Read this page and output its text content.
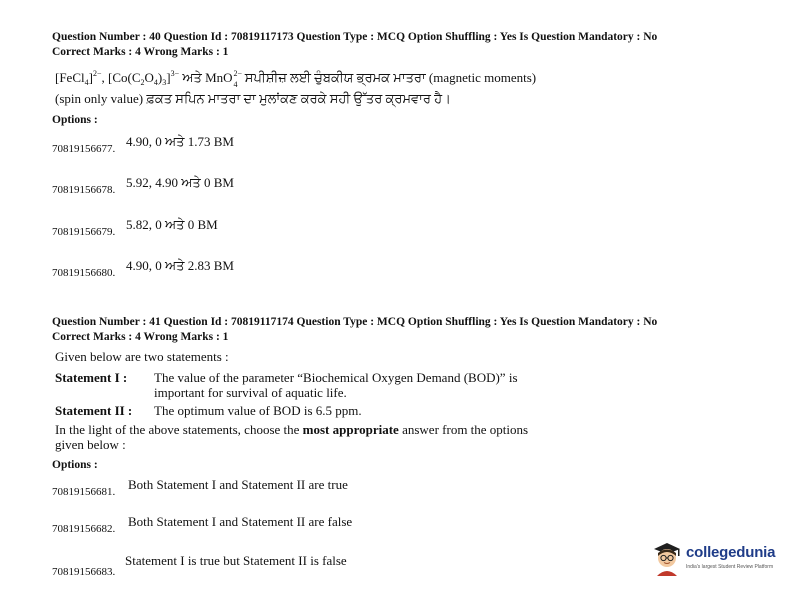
Question Number : 40 Question Id : 70819117173 Question Type : MCQ Option Shuffling : Yes Is Question Mandatory : No
Correct Marks : 4 Wrong Marks : 1
[FeCl$_4$]$^{2-}$, $[Co(C_2O_4)_3]^{3-}$ ਅਤੇ MnO 2−
4 ਸਪੀਸ਼ੀਜ਼ ਲਈ ਚੁੰਬਕੀਯ ਭ੍ਰਮਕ ਮਾਤਰਾ (magnetic moments)
(spin only value) ਫ਼ਕਤ ਸਪਿਨ ਮਾਤਰਾ ਦਾ ਮੁਲਾਂਕਣ ਕਰਕੇ ਸਹੀ ਉੱਤਰ ਕ੍ਰਮਵਾਰ ਹੈ।
Options :
70819156677. 4.90, 0 ਅਤੇ 1.73 BM
70819156678. 5.92, 4.90 ਅਤੇ 0 BM
70819156679. 5.82, 0 ਅਤੇ 0 BM
70819156680. 4.90, 0 ਅਤੇ 2.83 BM
Question Number : 41 Question Id : 70819117174 Question Type : MCQ Option Shuffling : Yes Is Question Mandatory : No
Correct Marks : 4 Wrong Marks : 1
Given below are two statements :
Statement I : The value of the parameter “Biochemical Oxygen Demand (BOD)” is
important for survival of aquatic life.
Statement II : The optimum value of BOD is 6.5 ppm.
In the light of the above statements, choose the most appropriate answer from the options
given below :
Options :
70819156681. Both Statement I and Statement II are true
70819156682. Both Statement I and Statement II are false
70819156683.
Statement I is true but Statement II is false	collegedunia
India's largest Student Review Platform
